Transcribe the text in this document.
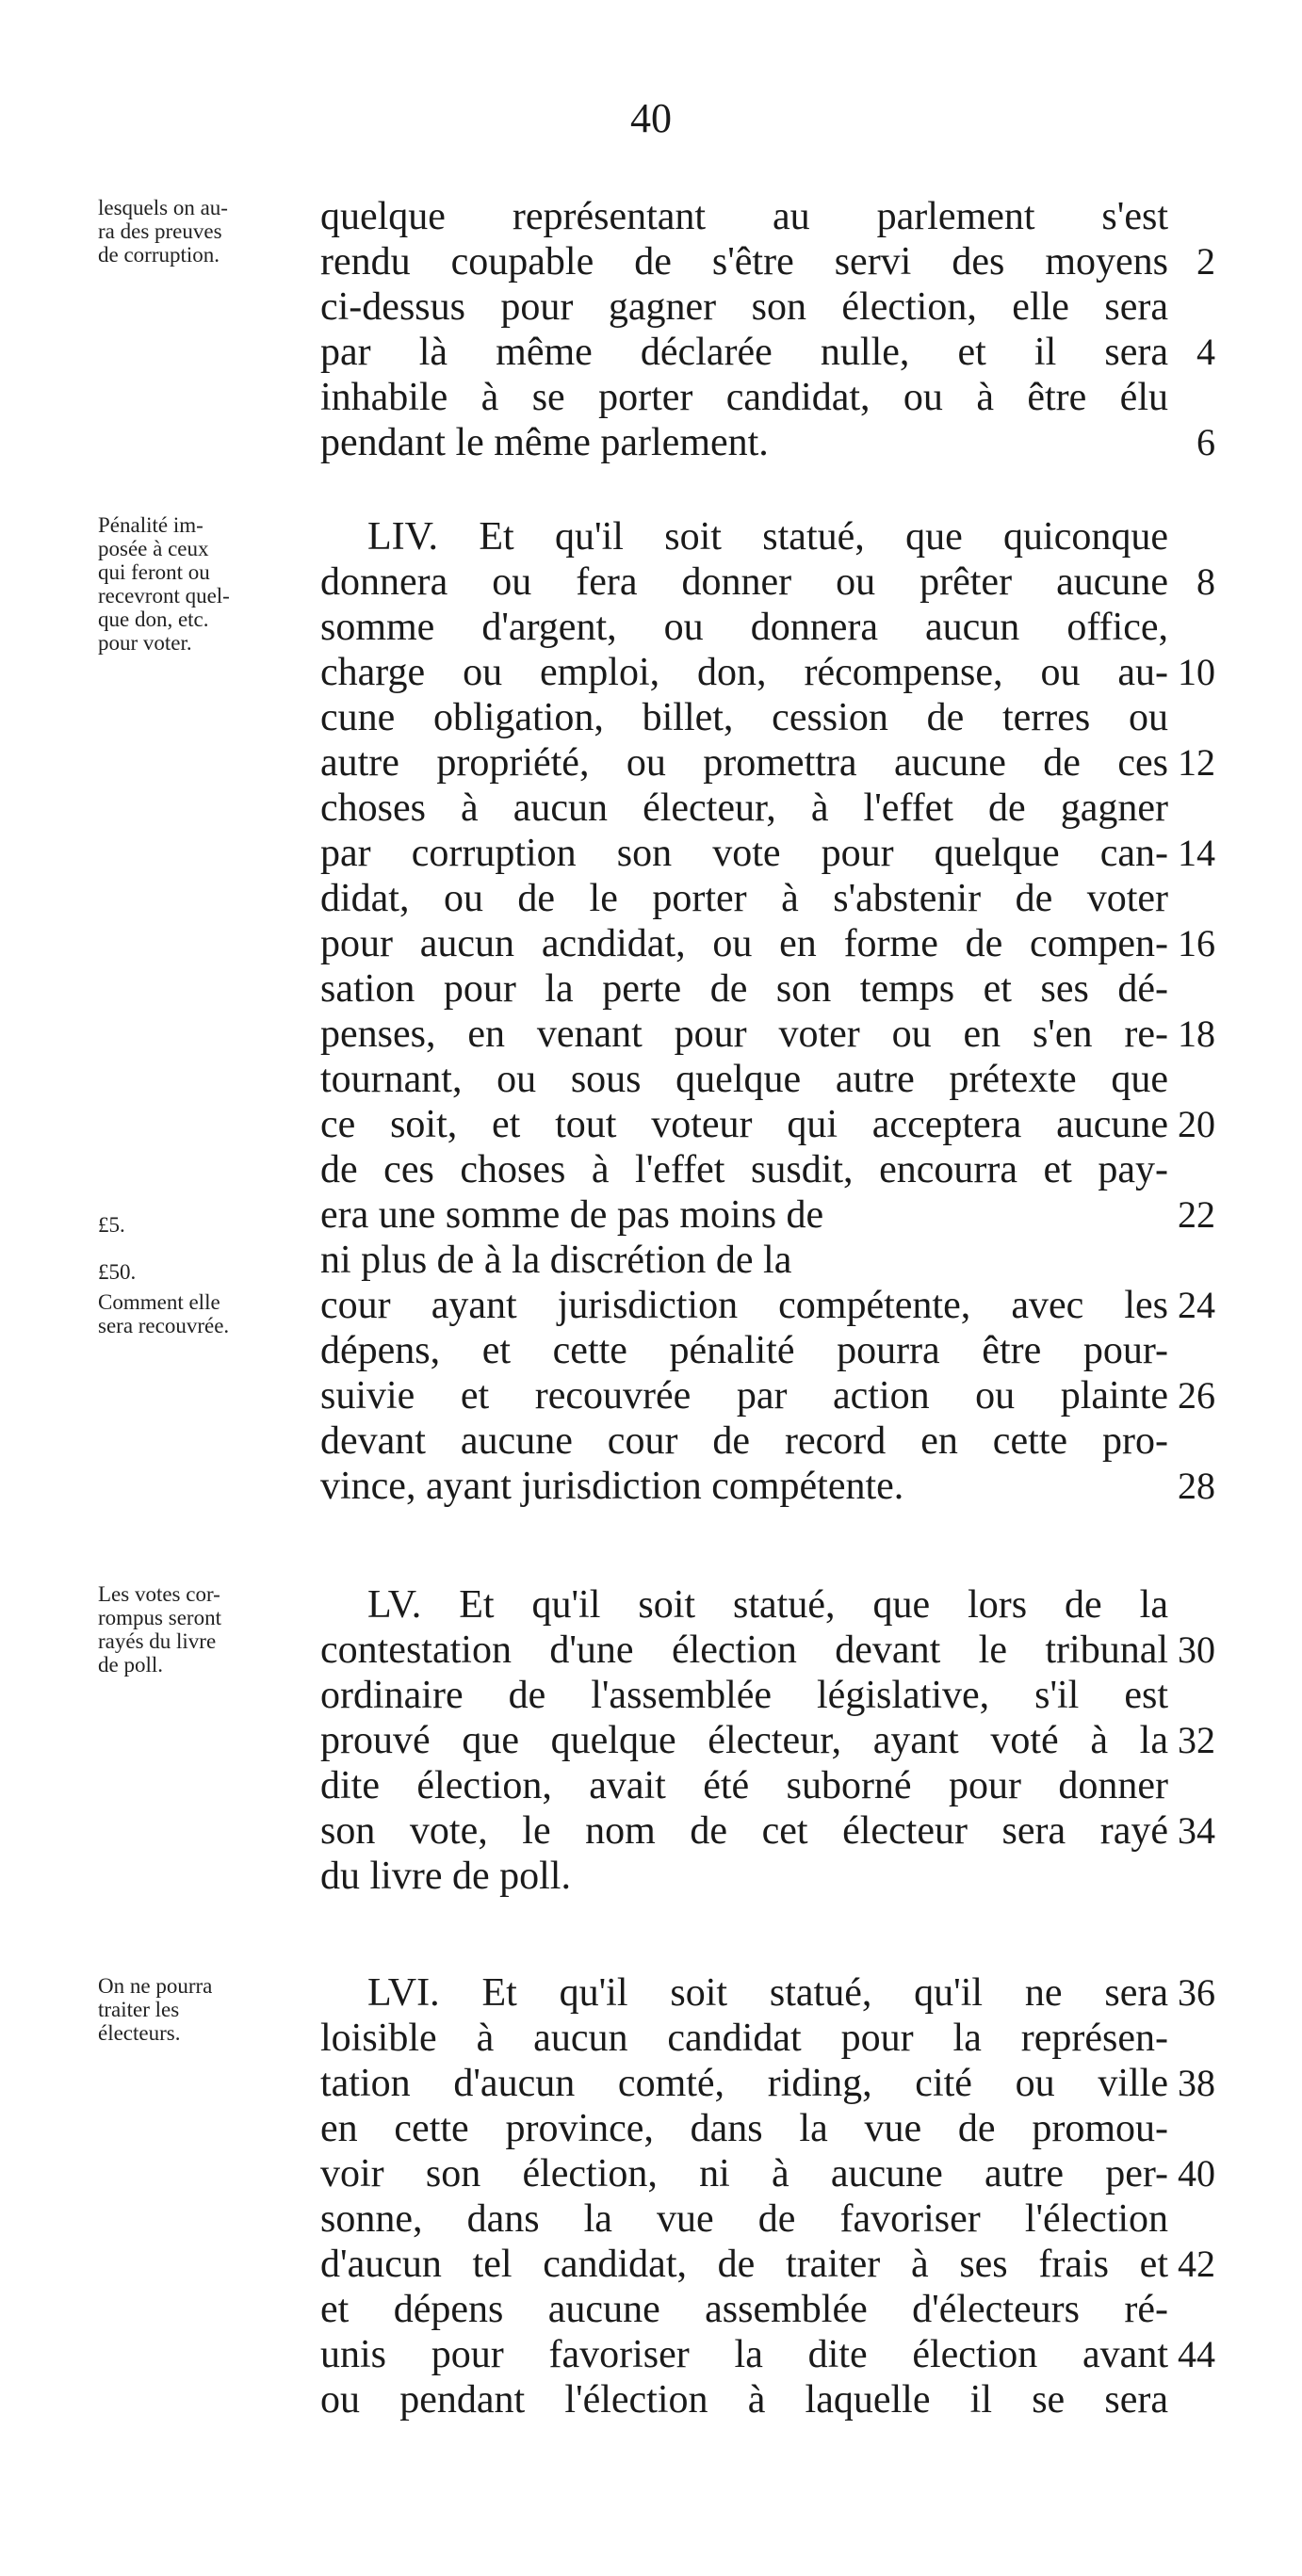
40
lesquels on au-
ra des preuves
de corruption.
quelque représentant au parlement s'est
rendu coupable de s'être servi des moyens 2
ci-dessus pour gagner son élection, elle sera
par là même déclarée nulle, et il sera 4
inhabile à se porter candidat, ou à être élu
pendant le même parlement.	6
Pénalité im-
posée à ceux
qui feront ou
recevront quel-
que don, etc.
pour voter.
£5.
£50.
Comment elle
sera recouvrée.
LIV. Et qu'il soit statué, que quiconque
donnera ou fera donner ou prêter aucune 8
somme d'argent, ou donnera aucun office,
charge ou emploi, don, récompense, ou au- 10
cune obligation, billet, cession de terres ou
autre propriété, ou promettra aucune de ces 12
choses à aucun électeur, à l'effet de gagner
par corruption son vote pour quelque can- 14
didat, ou de le porter à s'abstenir de voter
pour aucun acndidat, ou en forme de compen- 16
sation pour la perte de son temps et ses dé-
penses, en venant pour voter ou en s'en re- 18
tournant, ou sous quelque autre prétexte que
ce soit, et tout voteur qui acceptera aucune 20
de ces choses à l'effet susdit, encourra et pay-
era une somme de pas moins de	22
ni plus de à la discrétion de la
cour ayant jurisdiction compétente, avec les 24
dépens, et cette pénalité pourra être pour-
suivie et recouvrée par action ou plainte 26
devant aucune cour de record en cette pro-
vince, ayant jurisdiction compétente.	28
Les votes cor-
rompus seront
rayés du livre
de poll.
LV. Et qu'il soit statué, que lors de la
contestation d'une élection devant le tribunal 30
ordinaire de l'assemblée législative, s'il est
prouvé que quelque électeur, ayant voté à la 32
dite élection, avait été suborné pour donner
son vote, le nom de cet électeur sera rayé 34
du livre de poll.
On ne pourra
traiter les
électeurs.
LVI. Et qu'il soit statué, qu'il ne sera 36
loisible à aucun candidat pour la représen-
tation d'aucun comté, riding, cité ou ville 38
en cette province, dans la vue de promou-
voir son élection, ni à aucune autre per- 40
sonne, dans la vue de favoriser l'élection
d'aucun tel candidat, de traiter à ses frais et 42
et dépens aucune assemblée d'électeurs ré-
unis pour favoriser la dite élection avant 44
ou pendant l'élection à laquelle il se sera
